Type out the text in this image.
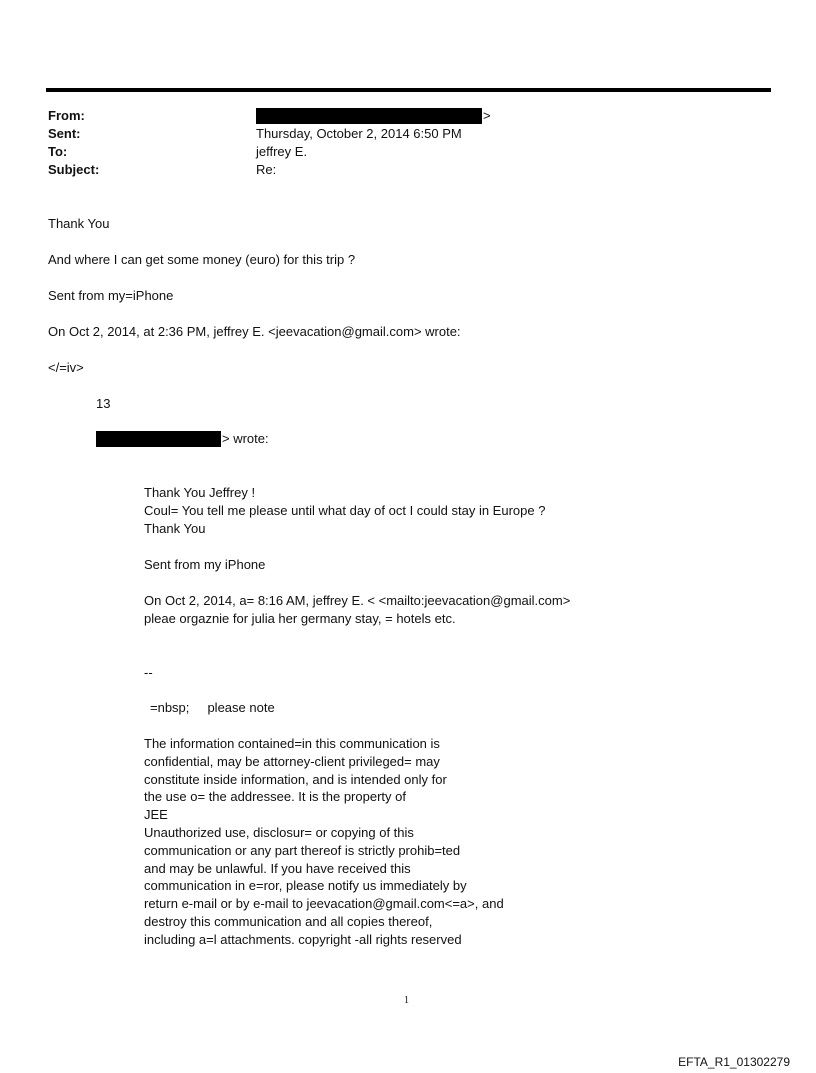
From:
Sent:
To:
Subject:
>
Thursday, October 2, 2014 6:50 PM
jeffrey E.
Re:
Thank You
And where I can get some money (euro) for this trip ?
Sent from my=iPhone
On Oct 2, 2014, at 2:36 PM, jeffrey E. <jeevacation@gmail.com> wrote:
</=iv>
13
> wrote:
Thank You Jeffrey !
Coul= You tell me please until what day of oct I could stay in Europe ?
Thank You
Sent from my iPhone
On Oct 2, 2014, a= 8:16 AM, jeffrey E. < <mailto:jeevacation@gmail.com>
pleae orgaznie for julia her germany stay, = hotels etc.
--
=nbsp;     please note
The information contained=in this communication is
confidential, may be attorney-client privileged= may
constitute inside information, and is intended only for
the use o= the addressee. It is the property of
JEE
Unauthorized use, disclosur= or copying of this
communication or any part thereof is strictly prohib=ted
and may be unlawful. If you have received this
communication in e=ror, please notify us immediately by
return e-mail or by e-mail to jeevacation@gmail.com<=a>, and
destroy this communication and all copies thereof,
including a=l attachments. copyright -all rights reserved
1
EFTA_R1_01302279
